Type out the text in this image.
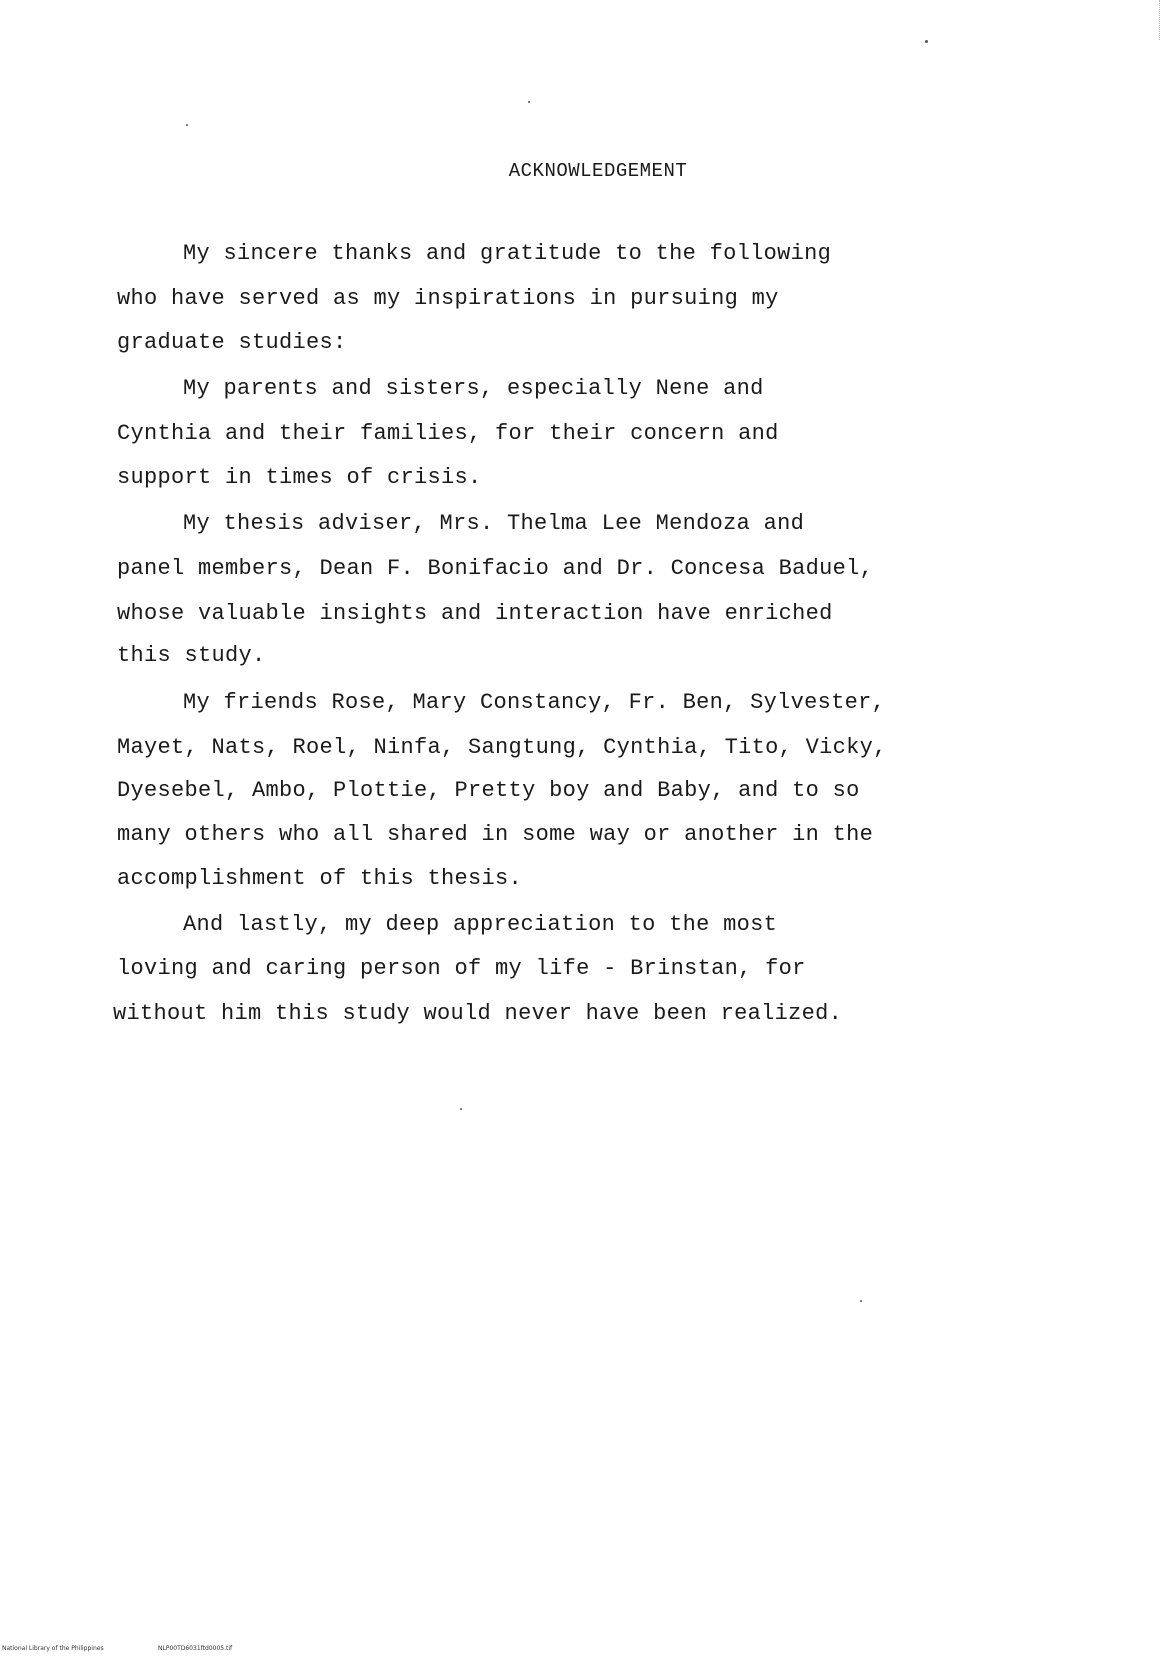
ACKNOWLEDGEMENT
My sincere thanks and gratitude to the following
who have served as my inspirations in pursuing my
graduate studies:
My parents and sisters, especially Nene and
Cynthia and their families, for their concern and
support in times of crisis.
My thesis adviser, Mrs. Thelma Lee Mendoza and
panel members, Dean F. Bonifacio and Dr. Concesa Baduel,
whose valuable insights and interaction have enriched
this study.
My friends Rose, Mary Constancy, Fr. Ben, Sylvester,
Mayet, Nats, Roel, Ninfa, Sangtung, Cynthia, Tito, Vicky,
Dyesebel, Ambo, Plottie, Pretty boy and Baby, and to so
many others who all shared in some way or another in the
accomplishment of this thesis.
And lastly, my deep appreciation to the most
loving and caring person of my life - Brinstan, for
without him this study would never have been realized.
National Library of the Philippines	NLP00TD6031ftd0005.tif
